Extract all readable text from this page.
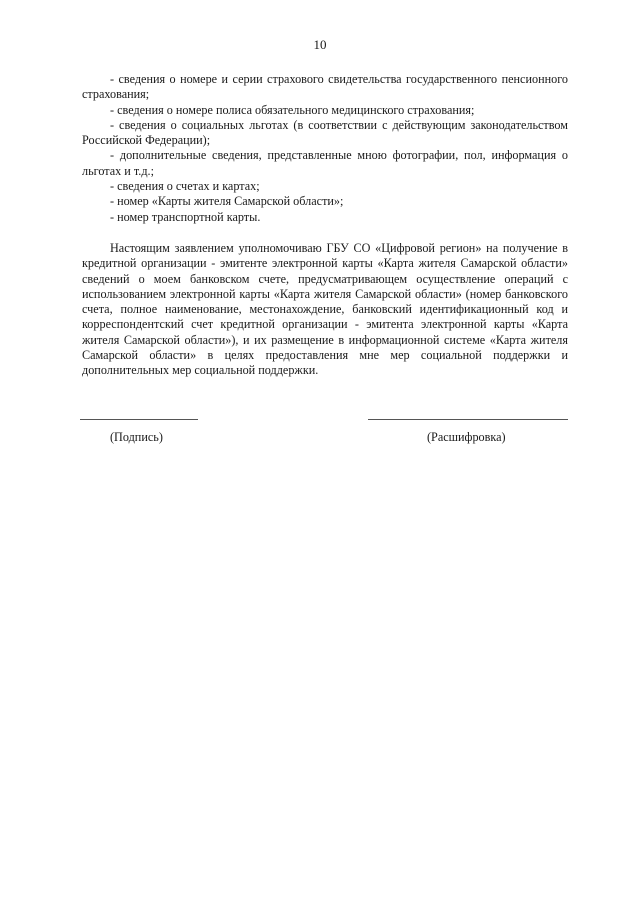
10

- сведения о номере и серии страхового свидетельства государственного пенсионного страхования;

- сведения о номере полиса обязательного медицинского страхования;

- сведения о социальных льготах (в соответствии с действующим законодательством Российской Федерации);

- дополнительные сведения, представленные мною фотографии, пол, информация о льготах и т.д.;

- сведения о счетах и картах;

- номер «Карты жителя Самарской области»;

- номер транспортной карты.

Настоящим заявлением уполномочиваю ГБУ СО «Цифровой регион» на получение в кредитной организации - эмитенте электронной карты «Карта жителя Самарской области» сведений о моем банковском счете, предусматривающем осуществление операций с использованием электронной карты «Карта жителя Самарской области» (номер банковского счета, полное наименование, местонахождение, банковский идентификационный код и корреспондентский счет кредитной организации - эмитента электронной карты «Карта жителя Самарской области»), и их размещение в информационной системе «Карта жителя Самарской области» в целях предоставления мне мер социальной поддержки и дополнительных мер социальной поддержки.

(Подпись)	(Расшифровка)
